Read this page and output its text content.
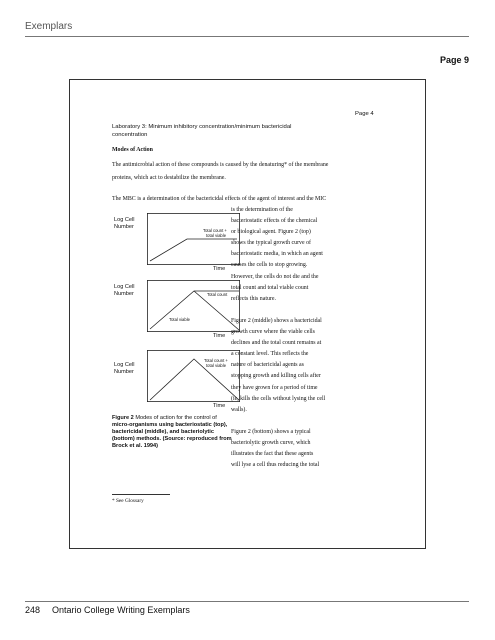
Exemplars
Page 9
Page 4
Laboratory 3: Minimum inhibitory concentration/minimum bactericidal
concentration
Modes of Action
The antimicrobial action of these compounds is caused by the denaturing* of the membrane
proteins, which act to destabilize the membrane.
The MBC is a determination of the bactericidal effects of the agent of interest and the MIC
is the determination of the
bacteriostatic effects of the chemical
or biological agent. Figure 2 (top)
shows the typical growth curve of
bacteriostatic media, in which an agent
causes the cells to stop growing.
However, the cells do not die and the
total count and total viable count
reflects this nature.
Figure 2 (middle) shows a bactericidal
growth curve where the viable cells
declines and the total count remains at
a constant level. This reflects the
nature of bactericidal agents as
stopping growth and killing cells after
they have grown for a period of time
(ie, kills the cells without lysing the cell
walls).
Figure 2 (bottom) shows a typical
bacteriolytic growth curve, which
illustrates the fact that these agents
will lyse a cell thus reducing the total
Log Cell
Number
Total count +
total viable
Time
Log Cell
Number	Total count
Total viable
Time
Log Cell
Number
Total count +
total viable
Time
Figure 2 Modes of action for the control of
micro-organisms using bacteriostatic (top),
bactericidal (middle), and bacteriolytic
(bottom) methods. (Source: reproduced from
Brock et al. 1994)
* See Glossary
248 Ontario College Writing Exemplars
